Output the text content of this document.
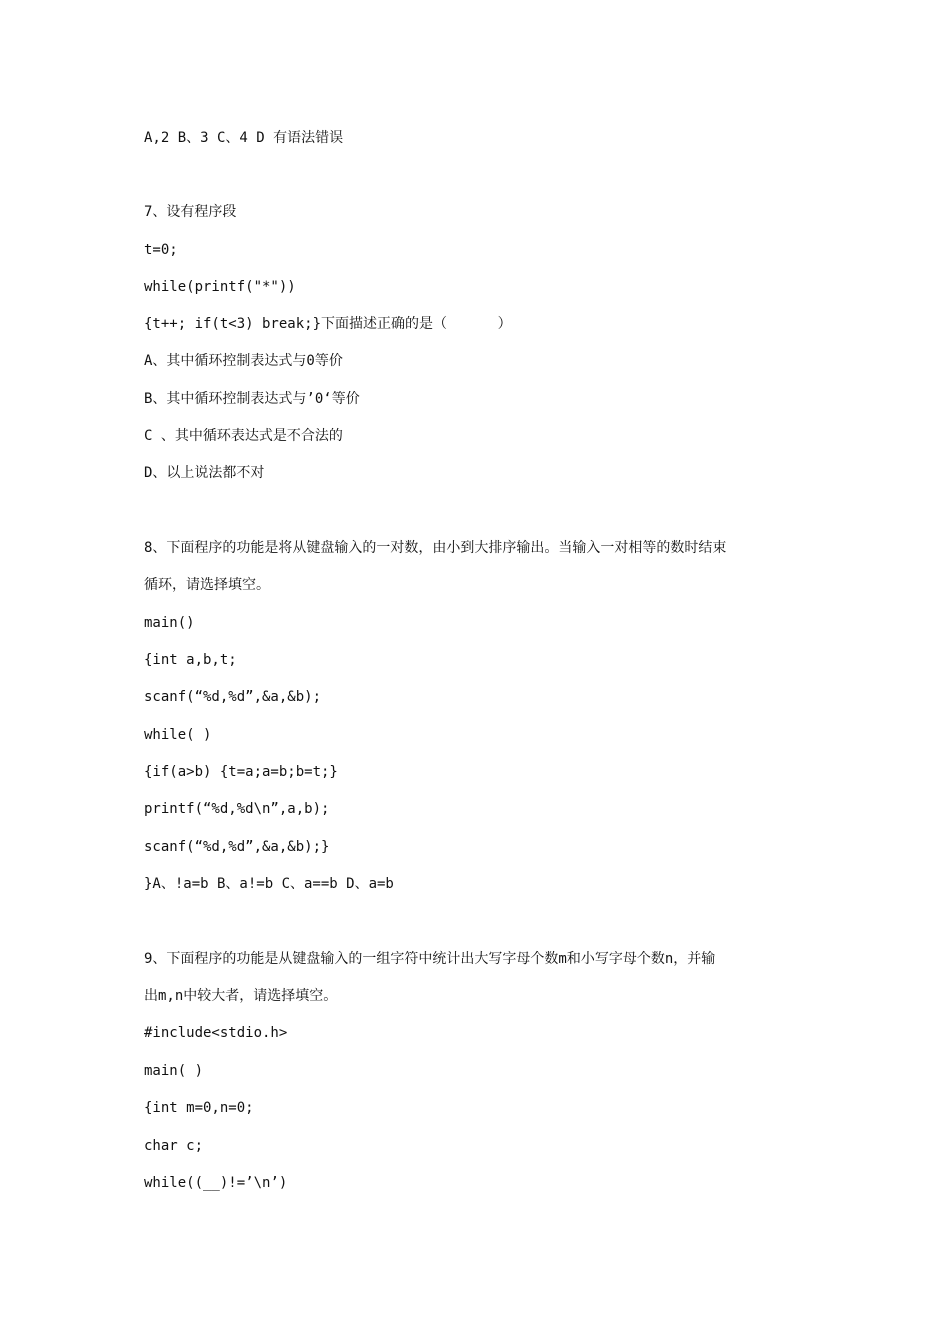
A,2 B、3 C、4 D 有语法错误
7、设有程序段
t=0;
while(printf("*"))
{t++; if(t<3) break;}下面描述正确的是（      ）
A、其中循环控制表达式与0等价
B、其中循环控制表达式与’0‘等价
C 、其中循环表达式是不合法的
D、以上说法都不对
8、下面程序的功能是将从键盘输入的一对数，由小到大排序输出。当输入一对相等的数时结束
循环，请选择填空。
main()
{int a,b,t;
scanf(“%d,%d”,&a,&b);
while( )
{if(a>b) {t=a;a=b;b=t;}
printf(“%d,%d\n”,a,b);
scanf(“%d,%d”,&a,&b);}
}A、!a=b B、a!=b C、a==b D、a=b
9、下面程序的功能是从键盘输入的一组字符中统计出大写字母个数m和小写字母个数n，并输
出m,n中较大者，请选择填空。
#include<stdio.h>
main( )
{int m=0,n=0;
char c;
while((__)!=’\n’)
